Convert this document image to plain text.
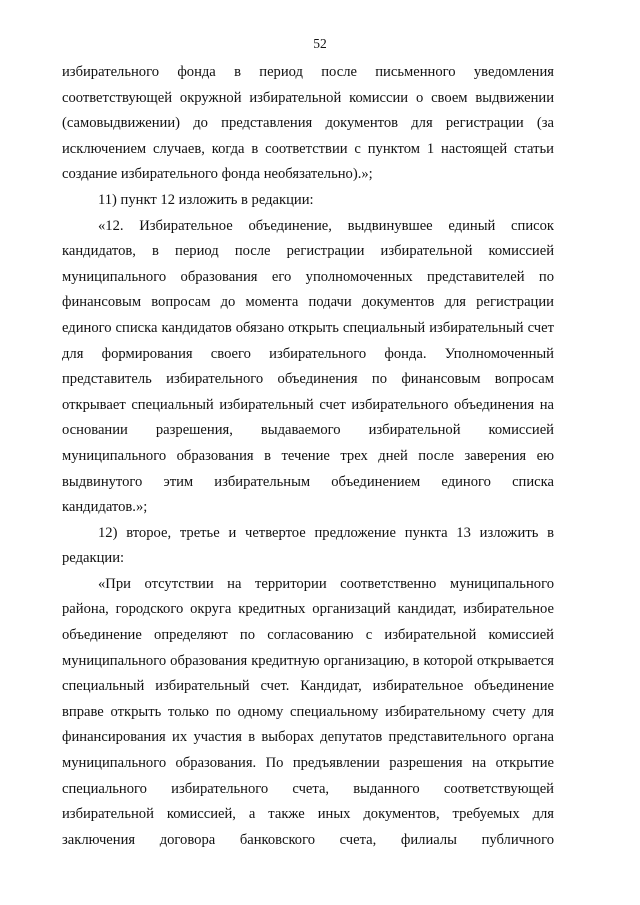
52

избирательного фонда в период после письменного уведомления соответствующей окружной избирательной комиссии о своем выдвижении (самовыдвижении) до представления документов для регистрации (за исключением случаев, когда в соответствии с пунктом 1 настоящей статьи создание избирательного фонда необязательно).»;

11) пункт 12 изложить в редакции:

«12. Избирательное объединение, выдвинувшее единый список кандидатов, в период после регистрации избирательной комиссией муниципального образования его уполномоченных представителей по финансовым вопросам до момента подачи документов для регистрации единого списка кандидатов обязано открыть специальный избирательный счет для формирования своего избирательного фонда. Уполномоченный представитель избирательного объединения по финансовым вопросам открывает специальный избирательный счет избирательного объединения на основании разрешения, выдаваемого избирательной комиссией муниципального образования в течение трех дней после заверения ею выдвинутого этим избирательным объединением единого списка кандидатов.»;

12) второе, третье и четвертое предложение пункта 13 изложить в редакции:

«При отсутствии на территории соответственно муниципального района, городского округа кредитных организаций кандидат, избирательное объединение определяют по согласованию с избирательной комиссией муниципального образования кредитную организацию, в которой открывается специальный избирательный счет. Кандидат, избирательное объединение вправе открыть только по одному специальному избирательному счету для финансирования их участия в выборах депутатов представительного органа муниципального образования. По предъявлении разрешения на открытие специального избирательного счета, выданного соответствующей избирательной комиссией, а также иных документов, требуемых для заключения договора банковского счета, филиалы публичного
